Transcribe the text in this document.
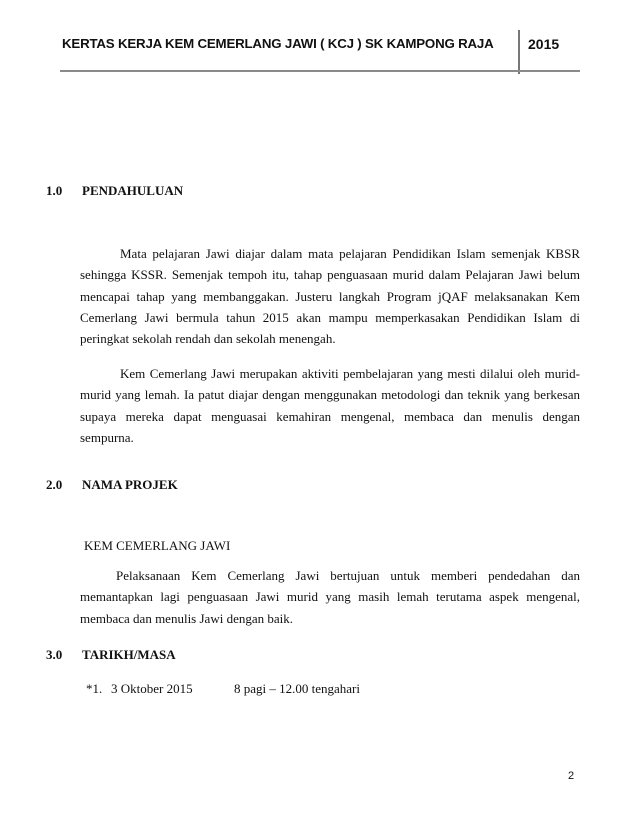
KERTAS KERJA KEM CEMERLANG JAWI ( KCJ ) SK KAMPONG RAJA	2015
1.0 PENDAHULUAN
Mata pelajaran Jawi diajar dalam mata pelajaran Pendidikan Islam semenjak KBSR sehingga KSSR. Semenjak tempoh itu, tahap penguasaan murid dalam Pelajaran Jawi belum mencapai tahap yang membanggakan. Justeru langkah Program jQAF melaksanakan Kem Cemerlang Jawi bermula tahun 2015 akan mampu memperkasakan Pendidikan Islam di peringkat sekolah rendah dan sekolah menengah.
Kem Cemerlang Jawi merupakan aktiviti pembelajaran yang mesti dilalui oleh murid-murid yang lemah. Ia patut diajar dengan menggunakan metodologi dan teknik yang berkesan supaya mereka dapat menguasai kemahiran mengenal, membaca dan menulis dengan sempurna.
2.0 NAMA PROJEK
KEM CEMERLANG JAWI
Pelaksanaan Kem Cemerlang Jawi bertujuan untuk memberi pendedahan dan memantapkan lagi penguasaan Jawi murid yang masih lemah terutama aspek mengenal, membaca dan menulis Jawi dengan baik.
3.0 TARIKH/MASA
*1. 3 Oktober 2015	8 pagi – 12.00 tengahari
2
